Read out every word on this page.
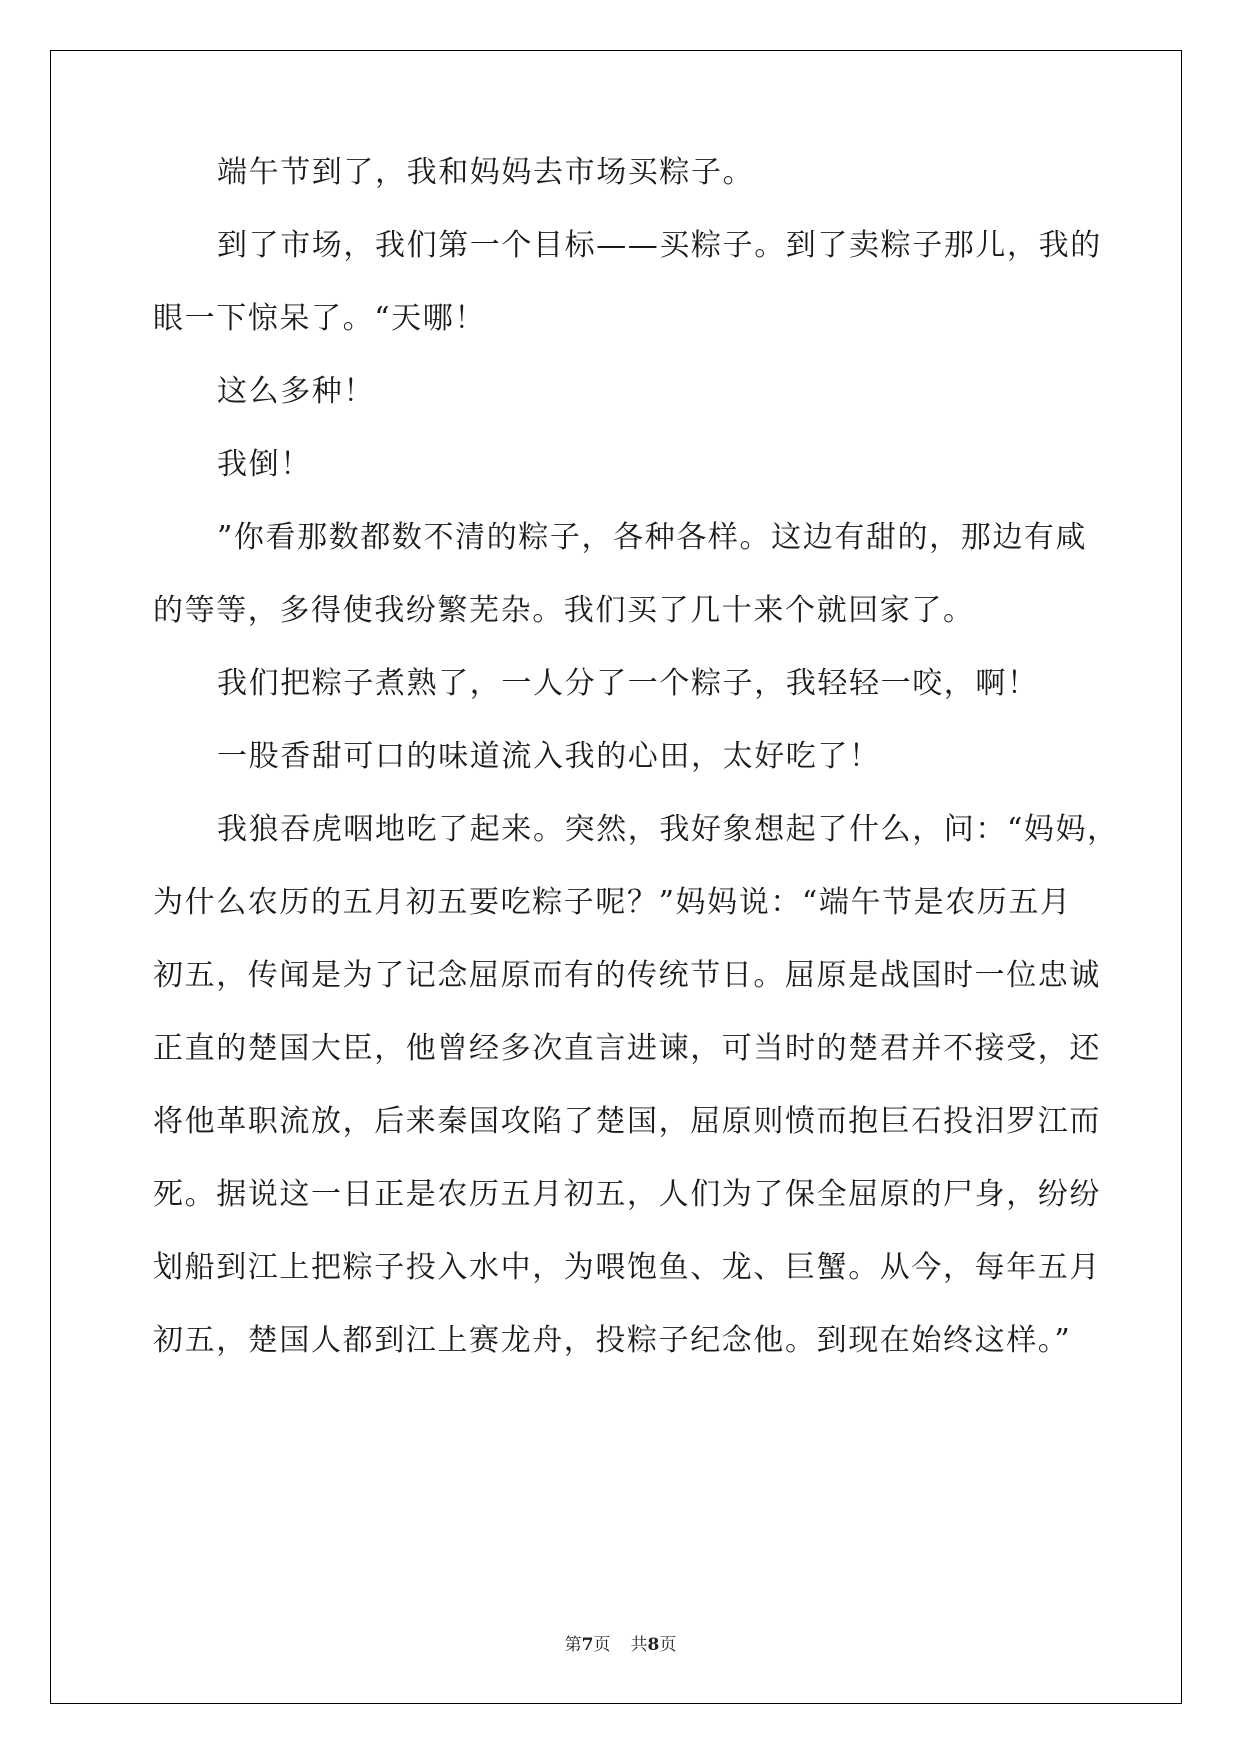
端午节到了，我和妈妈去市场买粽子。
到了市场，我们第一个目标——买粽子。到了卖粽子那儿，我的
眼一下惊呆了。“天哪！
这么多种！
我倒！
”你看那数都数不清的粽子，各种各样。这边有甜的，那边有咸
的等等，多得使我纷繁芜杂。我们买了几十来个就回家了。
我们把粽子煮熟了，一人分了一个粽子，我轻轻一咬，啊！
一股香甜可口的味道流入我的心田，太好吃了！
我狼吞虎咽地吃了起来。突然，我好象想起了什么，问：“妈妈，
为什么农历的五月初五要吃粽子呢？”妈妈说：“端午节是农历五月
初五，传闻是为了记念屈原而有的传统节日。屈原是战国时一位忠诚
正直的楚国大臣，他曾经多次直言进谏，可当时的楚君并不接受，还
将他革职流放，后来秦国攻陷了楚国，屈原则愤而抱巨石投汨罗江而
死。据说这一日正是农历五月初五，人们为了保全屈原的尸身，纷纷
划船到江上把粽子投入水中，为喂饱鱼、龙、巨蟹。从今，每年五月
初五，楚国人都到江上赛龙舟，投粽子纪念他。到现在始终这样。”
第7页 共8页
